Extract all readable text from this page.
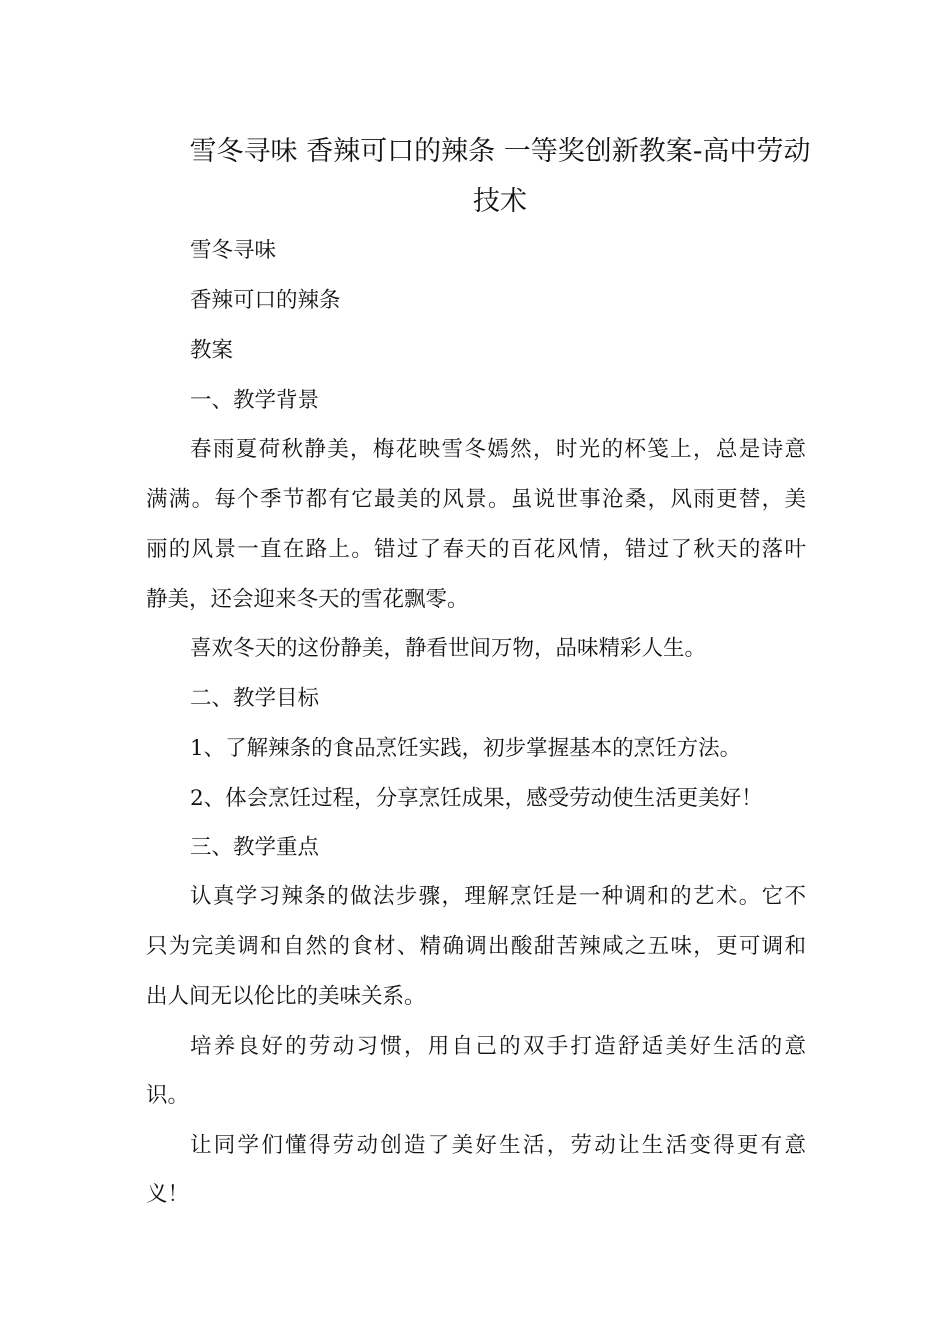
雪冬寻味 香辣可口的辣条 一等奖创新教案-高中劳动
技术
雪冬寻味
香辣可口的辣条
教案
一、教学背景
春雨夏荷秋静美，梅花映雪冬嫣然，时光的杯笺上，总是诗意
满满。每个季节都有它最美的风景。虽说世事沧桑，风雨更替，美
丽的风景一直在路上。错过了春天的百花风情，错过了秋天的落叶
静美，还会迎来冬天的雪花飘零。
喜欢冬天的这份静美，静看世间万物，品味精彩人生。
二、教学目标
1、了解辣条的食品烹饪实践，初步掌握基本的烹饪方法。
2、体会烹饪过程，分享烹饪成果，感受劳动使生活更美好！
三、教学重点
认真学习辣条的做法步骤，理解烹饪是一种调和的艺术。它不
只为完美调和自然的食材、精确调出酸甜苦辣咸之五味，更可调和
出人间无以伦比的美味关系。
培养良好的劳动习惯，用自己的双手打造舒适美好生活的意
识。
让同学们懂得劳动创造了美好生活，劳动让生活变得更有意
义！
